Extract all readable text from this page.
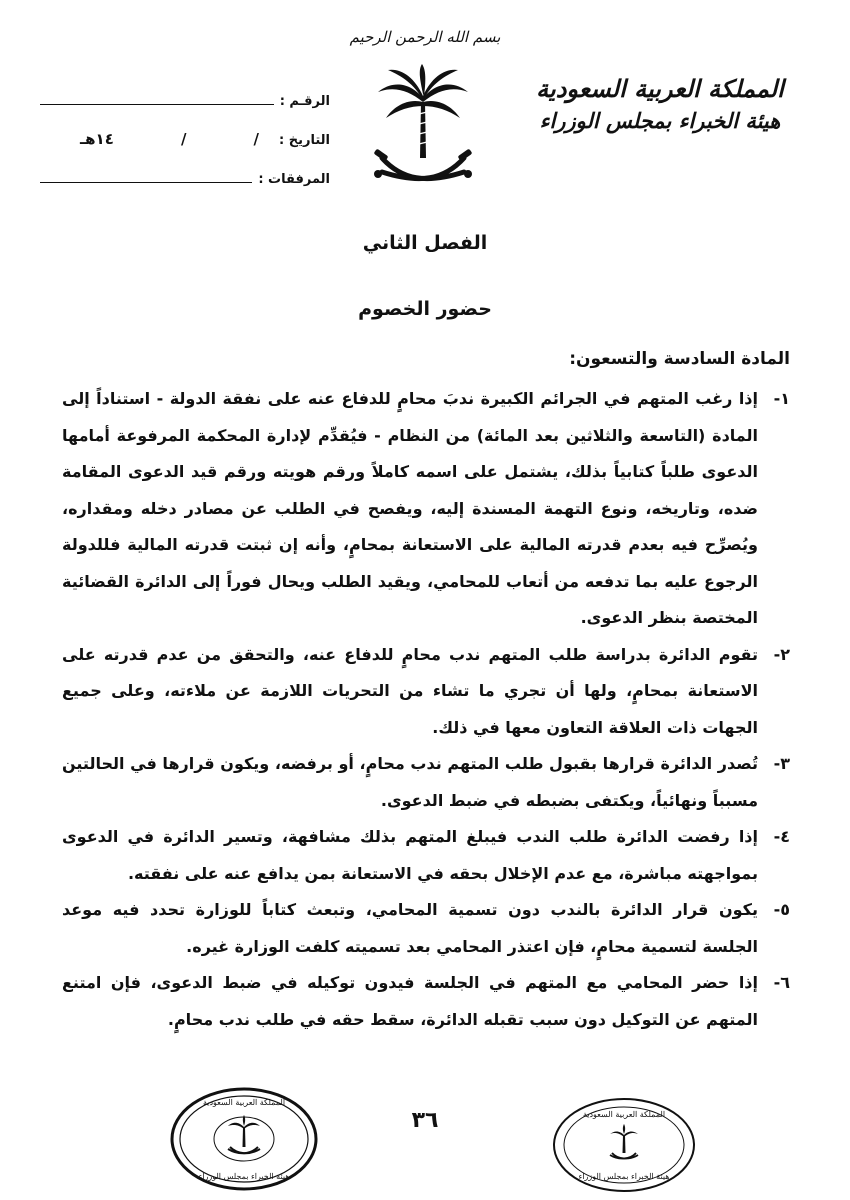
بسم الله الرحمن الرحيم
المملكة العربية السعودية
هيئة الخبراء بمجلس الوزراء
الرقـم :
التاريخ :
/
/
١٤هـ
المرفقات :
الفصل الثاني
حضور الخصوم
المادة السادسة والتسعون:
١-
إذا رغب المتهم في الجرائم الكبيرة ندبَ محامٍ للدفاع عنه على نفقة الدولة - استناداً إلى المادة (التاسعة والثلاثين بعد المائة) من النظام - فيُقدِّم لإدارة المحكمة المرفوعة أمامها الدعوى طلباً كتابياً بذلك، يشتمل على اسمه كاملاً ورقم هويته ورقم قيد الدعوى المقامة ضده، وتاريخه، ونوع التهمة المسندة إليه، ويفصح في الطلب عن مصادر دخله ومقداره، ويُصرِّح فيه بعدم قدرته المالية على الاستعانة بمحامٍ، وأنه إن ثبتت قدرته المالية فللدولة الرجوع عليه بما تدفعه من أتعاب للمحامي، ويقيد الطلب ويحال فوراً إلى الدائرة القضائية المختصة بنظر الدعوى.
٢-
تقوم الدائرة بدراسة طلب المتهم ندب محامٍ للدفاع عنه، والتحقق من عدم قدرته على الاستعانة بمحامٍ، ولها أن تجري ما تشاء من التحريات اللازمة عن ملاءته، وعلى جميع الجهات ذات العلاقة التعاون معها في ذلك.
٣-
تُصدر الدائرة قرارها بقبول طلب المتهم ندب محامٍ، أو برفضه، ويكون قرارها في الحالتين مسبباً ونهائياً، ويكتفى بضبطه في ضبط الدعوى.
٤-
إذا رفضت الدائرة طلب الندب فيبلغ المتهم بذلك مشافهة، وتسير الدائرة في الدعوى بمواجهته مباشرة، مع عدم الإخلال بحقه في الاستعانة بمن يدافع عنه على نفقته.
٥-
يكون قرار الدائرة بالندب دون تسمية المحامي، وتبعث كتاباً للوزارة تحدد فيه موعد الجلسة لتسمية محامٍ، فإن اعتذر المحامي بعد تسميته كلفت الوزارة غيره.
٦-
إذا حضر المحامي مع المتهم في الجلسة فيدون توكيله في ضبط الدعوى، فإن امتنع المتهم عن التوكيل دون سبب تقبله الدائرة، سقط حقه في طلب ندب محامٍ.
٣٦
المملكة العربية السعودية
هيئة الخبراء بمجلس الوزراء
المملكة العربية السعودية
هيئة الخبراء بمجلس الوزراء
